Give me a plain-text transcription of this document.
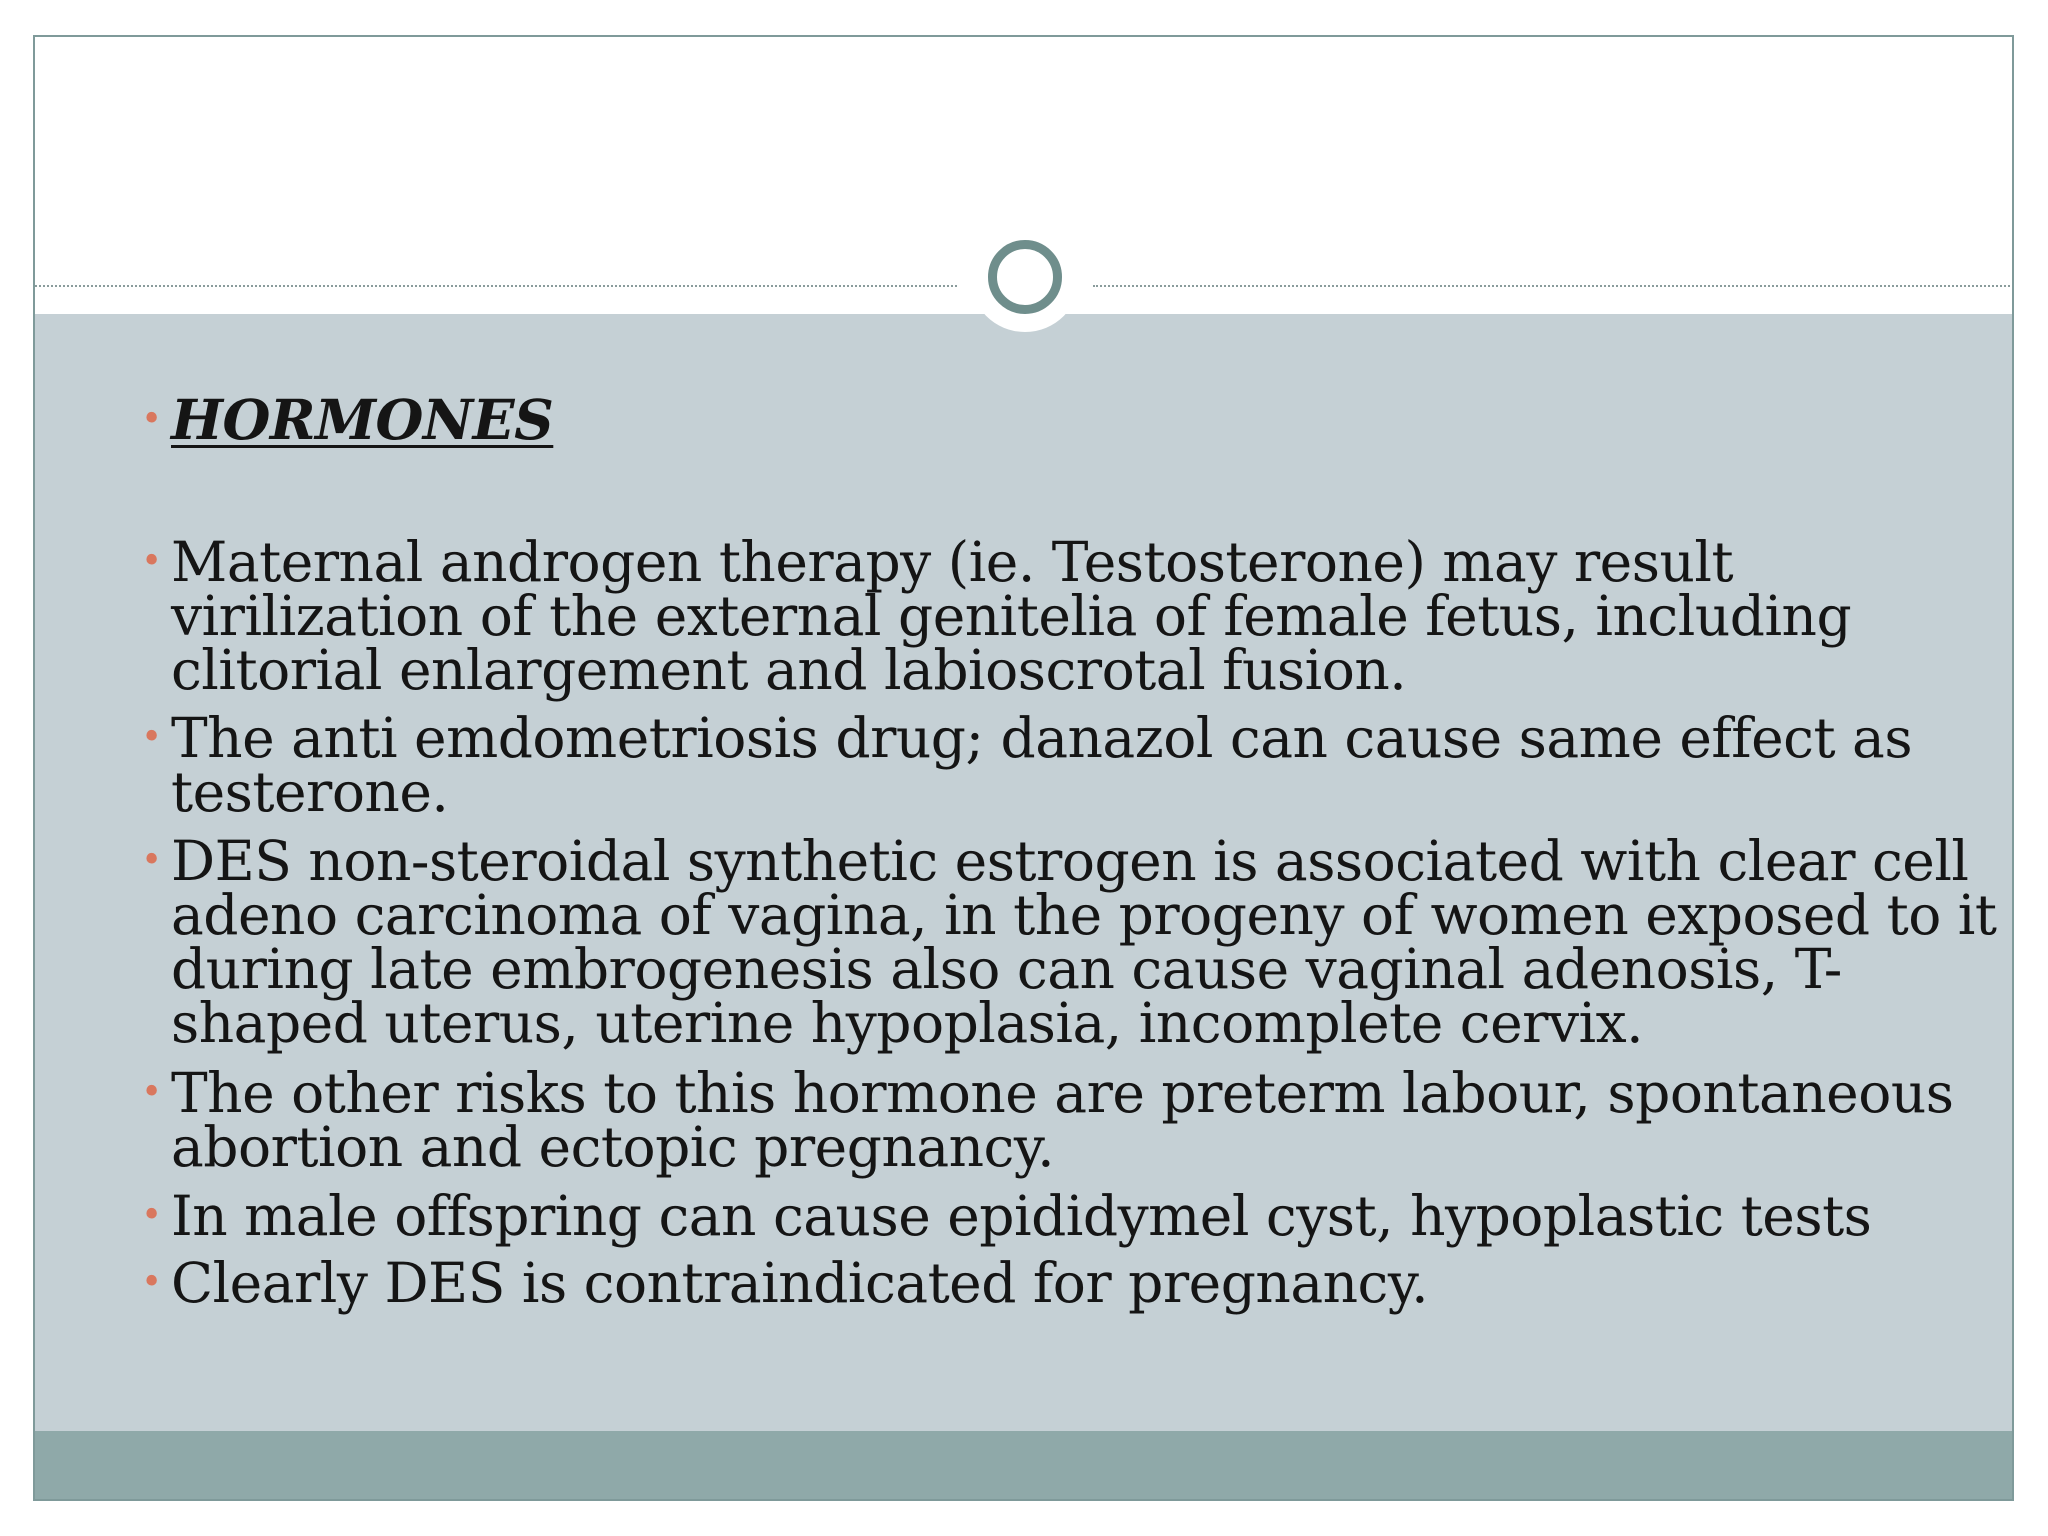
• HORMONES
• Maternal androgen therapy (ie. Testosterone) may result virilization of the external genitelia of female fetus, including clitorial enlargement and labioscrotal fusion.
• The anti emdometriosis drug; danazol can cause same effect as testerone.
• DES non-steroidal synthetic estrogen is associated with clear cell adeno carcinoma of vagina, in the progeny of women exposed to it during late embrogenesis also can cause vaginal adenosis, T-shaped uterus, uterine hypoplasia, incomplete cervix.
• The other risks to this hormone are preterm labour, spontaneous abortion and ectopic pregnancy.
• In male offspring can cause epididymel cyst, hypoplastic tests
• Clearly DES is contraindicated for pregnancy.
